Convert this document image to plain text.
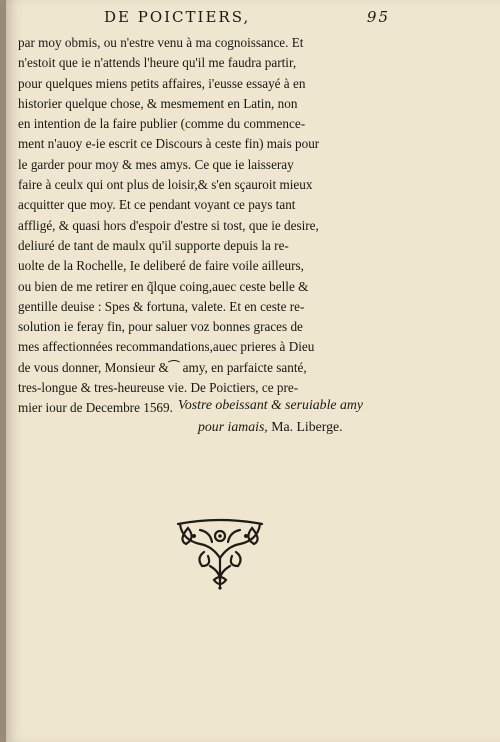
DE POICTIERS,	95
par moy obmis, ou n'estre venu à ma cognoissance. Et
n'estoit que ie n'attends l'heure qu'il me faudra partir,
pour quelques miens petits affaires, i'eusse essayé à en
historier quelque chose, & mesmement en Latin, non
en intention de la faire publier (comme du commence-
ment n'auoy e-ie escrit ce Discours à ceste fin) mais pour
le garder pour moy & mes amys. Ce que ie laisseray
faire à ceulx qui ont plus de loisir,& s'en sçauroit mieux
acquitter que moy. Et ce pendant voyant ce pays tant
affligé, & quasi hors d'espoir d'estre si tost, que ie desire,
deliuré de tant de maulx qu'il supporte depuis la re-
uolte de la Rochelle, Ie deliberé de faire voile ailleurs,
ou bien de me retirer en q̃lque coing,auec ceste belle &
gentille deuise : Spes & fortuna, valete. Et en ceste re-
solution ie feray fin, pour saluer voz bonnes graces de
mes affectionnées recommandations,auec prieres à Dieu
de vous donner, Monsieur &⁀ amy, en parfaicte santé,
tres-longue & tres-heureuse vie. De Poictiers, ce pre-
mier iour de Decembre 1569. Vostre obeissant & seruiable amy
pour iamais, Ma. Liberge.
